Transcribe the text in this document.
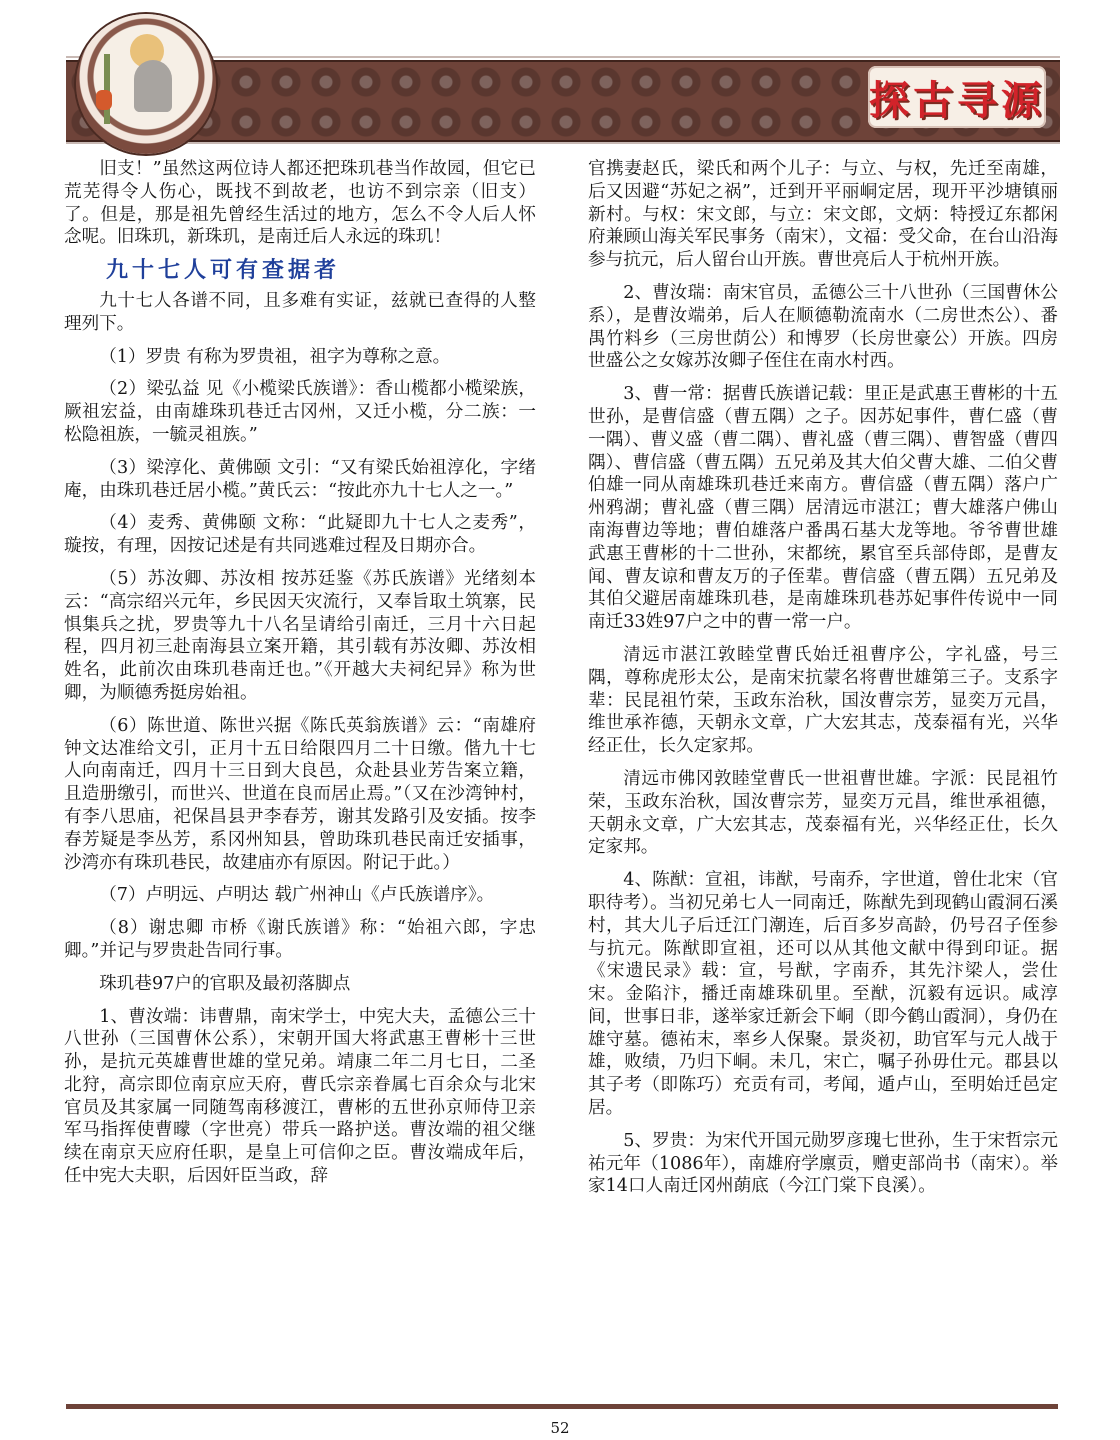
探古寻源

旧支！”虽然这两位诗人都还把珠玑巷当作故园，但它已荒芜得令人伤心，既找不到故老，也访不到宗亲（旧支）了。但是，那是祖先曾经生活过的地方，怎么不令人后人怀念呢。旧珠玑，新珠玑，是南迁后人永远的珠玑！

九十七人可有查据者

九十七人各谱不同，且多难有实证，兹就已查得的人整理列下。

（1）罗贵 有称为罗贵祖，祖字为尊称之意。

（2）梁弘益 见《小榄梁氏族谱》：香山榄都小榄梁族，厥祖宏益，由南雄珠玑巷迁古冈州，又迁小榄，分二族：一松隐祖族，一毓灵祖族。”

（3）梁淳化、黄佛颐 文引：“又有梁氏始祖淳化，字绪庵，由珠玑巷迁居小榄。”黄氏云：“按此亦九十七人之一。”

（4）麦秀、黄佛颐 文称：“此疑即九十七人之麦秀”，璇按，有理，因按记述是有共同逃难过程及日期亦合。

（5）苏汝卿、苏汝相 按苏廷鉴《苏氏族谱》光绪刻本云：“高宗绍兴元年，乡民因天灾流行，又奉旨取土筑寨，民惧集兵之扰，罗贵等九十八名呈请给引南迁，三月十六日起程，四月初三赴南海县立案开籍，其引载有苏汝卿、苏汝相姓名，此前次由珠玑巷南迁也。”《开越大夫祠纪异》称为世卿，为顺德秀挺房始祖。

（6）陈世道、陈世兴据《陈氏英翁族谱》云：“南雄府钟文达准给文引，正月十五日给限四月二十日缴。偕九十七人向南南迁，四月十三日到大良邑，众赴县业芳告案立籍，且造册缴引，而世兴、世道在良而居止焉。”（又在沙湾钟村，有李八思庙，祀保昌县尹李春芳，谢其发路引及安插。按李春芳疑是李丛芳，系冈州知县，曾助珠玑巷民南迁安插事，沙湾亦有珠玑巷民，故建庙亦有原因。附记于此。）

（7）卢明远、卢明达 载广州神山《卢氏族谱序》。

（8）谢忠卿 市桥《谢氏族谱》称：“始祖六郎，字忠卿。”并记与罗贵赴告同行事。

珠玑巷97户的官职及最初落脚点

1、曹汝端：讳曹鼎，南宋学士，中宪大夫，孟德公三十八世孙（三国曹休公系），宋朝开国大将武惠王曹彬十三世孙，是抗元英雄曹世雄的堂兄弟。靖康二年二月七日，二圣北狩，高宗即位南京应天府，曹氏宗亲眷属七百余众与北宋官员及其家属一同随驾南移渡江，曹彬的五世孙京师侍卫亲军马指挥使曹曚（字世亮）带兵一路护送。曹汝端的祖父继续在南京天应府任职，是皇上可信仰之臣。曹汝端成年后，任中宪大夫职，后因奸臣当政，辞

官携妻赵氏，梁氏和两个儿子：与立、与权，先迁至南雄，后又因避“苏妃之祸”，迁到开平丽峒定居，现开平沙塘镇丽新村。与权：宋文郎，与立：宋文郎，文炳：特授辽东都闲府兼顾山海关军民事务（南宋），文福：受父命，在台山沿海参与抗元，后人留台山开族。曹世亮后人于杭州开族。

2、曹汝瑞：南宋官员，孟德公三十八世孙（三国曹休公系），是曹汝端弟，后人在顺德勒流南水（二房世杰公）、番禺竹料乡（三房世荫公）和博罗（长房世豪公）开族。四房世盛公之女嫁苏汝卿子侄住在南水村西。

3、曹一常：据曹氏族谱记载：里正是武惠王曹彬的十五世孙，是曹信盛（曹五隅）之子。因苏妃事件，曹仁盛（曹一隅）、曹义盛（曹二隅）、曹礼盛（曹三隅）、曹智盛（曹四隅）、曹信盛（曹五隅）五兄弟及其大伯父曹大雄、二伯父曹伯雄一同从南雄珠玑巷迁来南方。曹信盛（曹五隅）落户广州鸦湖；曹礼盛（曹三隅）居清远市湛江；曹大雄落户佛山南海曹边等地；曹伯雄落户番禺石基大龙等地。爷爷曹世雄武惠王曹彬的十二世孙，宋都统，累官至兵部侍郎，是曹友闻、曹友谅和曹友万的子侄辈。曹信盛（曹五隅）五兄弟及其伯父避居南雄珠玑巷，是南雄珠玑巷苏妃事件传说中一同南迁33姓97户之中的曹一常一户。

清远市湛江敦睦堂曹氏始迁祖曹序公，字礼盛，号三隅，尊称虎形太公，是南宋抗蒙名将曹世雄第三子。支系字辈：民昆祖竹荣，玉政东治秋，国汝曹宗芳，显奕万元昌，维世承祚德，天朝永文章，广大宏其志，茂泰福有光，兴华经正仕，长久定家邦。

清远市佛冈敦睦堂曹氏一世祖曹世雄。字派：民昆祖竹荣，玉政东治秋，国汝曹宗芳，显奕万元昌，维世承祖德，天朝永文章，广大宏其志，茂泰福有光，兴华经正仕，长久定家邦。

4、陈猷：宣祖，讳猷，号南乔，字世道，曾仕北宋（官职待考）。当初兄弟七人一同南迁，陈猷先到现鹤山霞洞石溪村，其大儿子后迁江门潮连，后百多岁高龄，仍号召子侄参与抗元。陈猷即宣祖，还可以从其他文献中得到印证。据《宋遗民录》载：宣，号猷，字南乔，其先汴梁人，尝仕宋。金陷汴，播迁南雄珠矶里。至猷，沉毅有远识。咸淳间，世事日非，遂举家迁新会下峒（即今鹤山霞洞），身仍在雄守墓。德祐末，率乡人保聚。景炎初，助官军与元人战于雄，败绩，乃归下峒。未几，宋亡，嘱子孙毋仕元。郡县以其子考（即陈巧）充贡有司，考闻，遁卢山，至明始迁邑定居。

5、罗贵：为宋代开国元勋罗彦瑰七世孙，生于宋哲宗元祐元年（1086年），南雄府学廪贡，赠吏部尚书（南宋）。举家14口人南迁冈州蓢底（今江门棠下良溪）。

52
